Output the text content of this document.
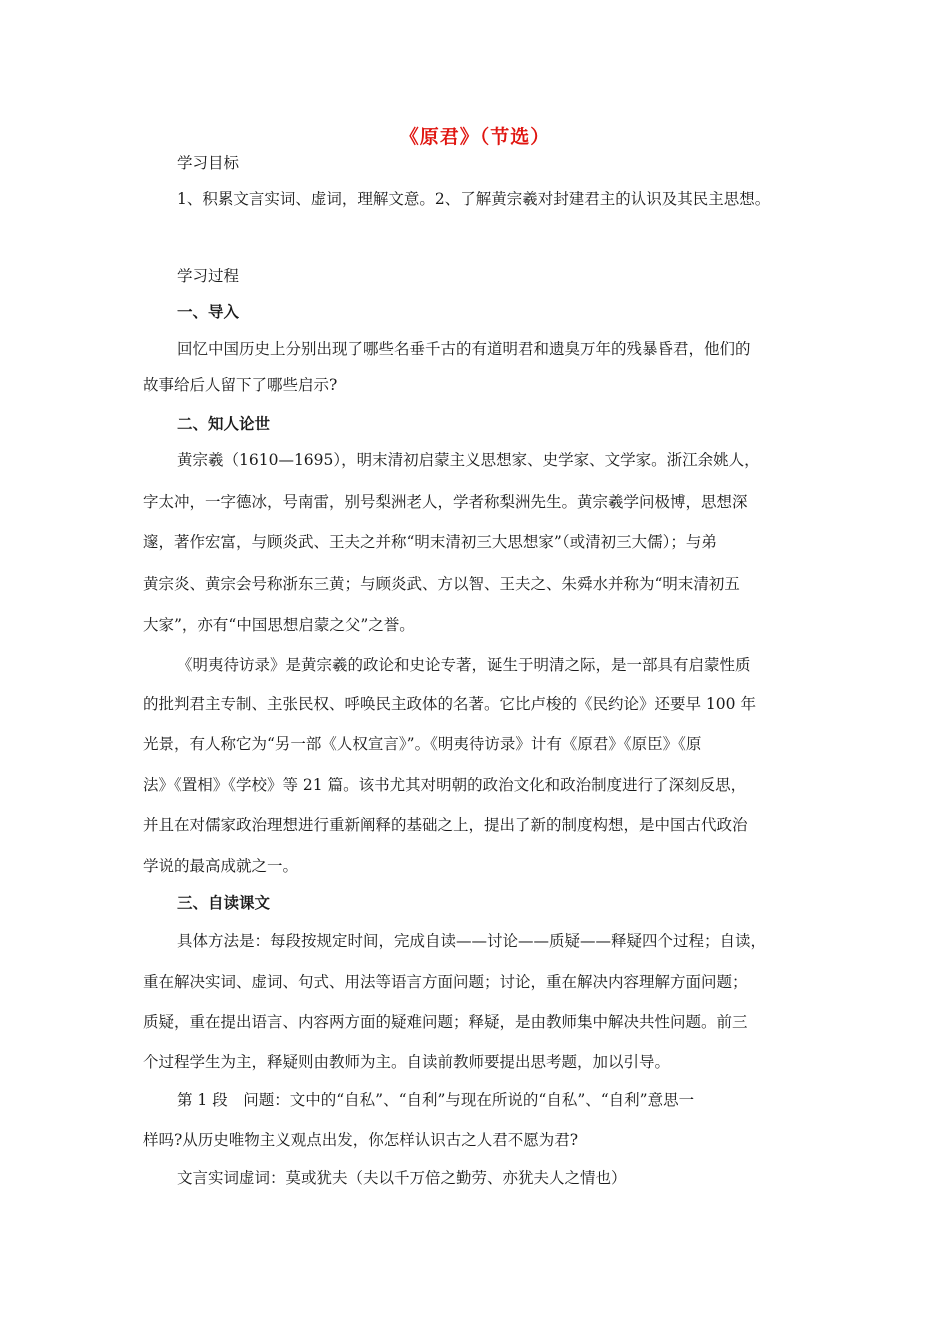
《原君》（节选）
学习目标
1、积累文言实词、虚词，理解文意。2、了解黄宗羲对封建君主的认识及其民主思想。
学习过程
一、导入
回忆中国历史上分别出现了哪些名垂千古的有道明君和遗臭万年的残暴昏君，他们的
故事给后人留下了哪些启示?
二、知人论世
黄宗羲（1610—1695），明末清初启蒙主义思想家、史学家、文学家。浙江余姚人，
字太冲，一字德冰，号南雷，别号梨洲老人，学者称梨洲先生。黄宗羲学问极博，思想深
邃，著作宏富，与顾炎武、王夫之并称“明末清初三大思想家”（或清初三大儒）；与弟
黄宗炎、黄宗会号称浙东三黄；与顾炎武、方以智、王夫之、朱舜水并称为“明末清初五
大家”，亦有“中国思想启蒙之父”之誉。
《明夷待访录》是黄宗羲的政论和史论专著，诞生于明清之际，是一部具有启蒙性质
的批判君主专制、主张民权、呼唤民主政体的名著。它比卢梭的《民约论》还要早 100 年
光景，有人称它为“另一部《人权宣言》”。《明夷待访录》计有《原君》《原臣》《原
法》《置相》《学校》等 21 篇。该书尤其对明朝的政治文化和政治制度进行了深刻反思，
并且在对儒家政治理想进行重新阐释的基础之上，提出了新的制度构想，是中国古代政治
学说的最高成就之一。
三、自读课文
具体方法是：每段按规定时间，完成自读——讨论——质疑——释疑四个过程；自读，
重在解决实词、虚词、句式、用法等语言方面问题；讨论，重在解决内容理解方面问题；
质疑，重在提出语言、内容两方面的疑难问题；释疑，是由教师集中解决共性问题。前三
个过程学生为主，释疑则由教师为主。自读前教师要提出思考题，加以引导。
第 1 段　问题：文中的“自私”、“自利”与现在所说的“自私”、“自利”意思一
样吗?从历史唯物主义观点出发，你怎样认识古之人君不愿为君?
文言实词虚词：莫或犹夫（夫以千万倍之勤劳、亦犹夫人之情也）
